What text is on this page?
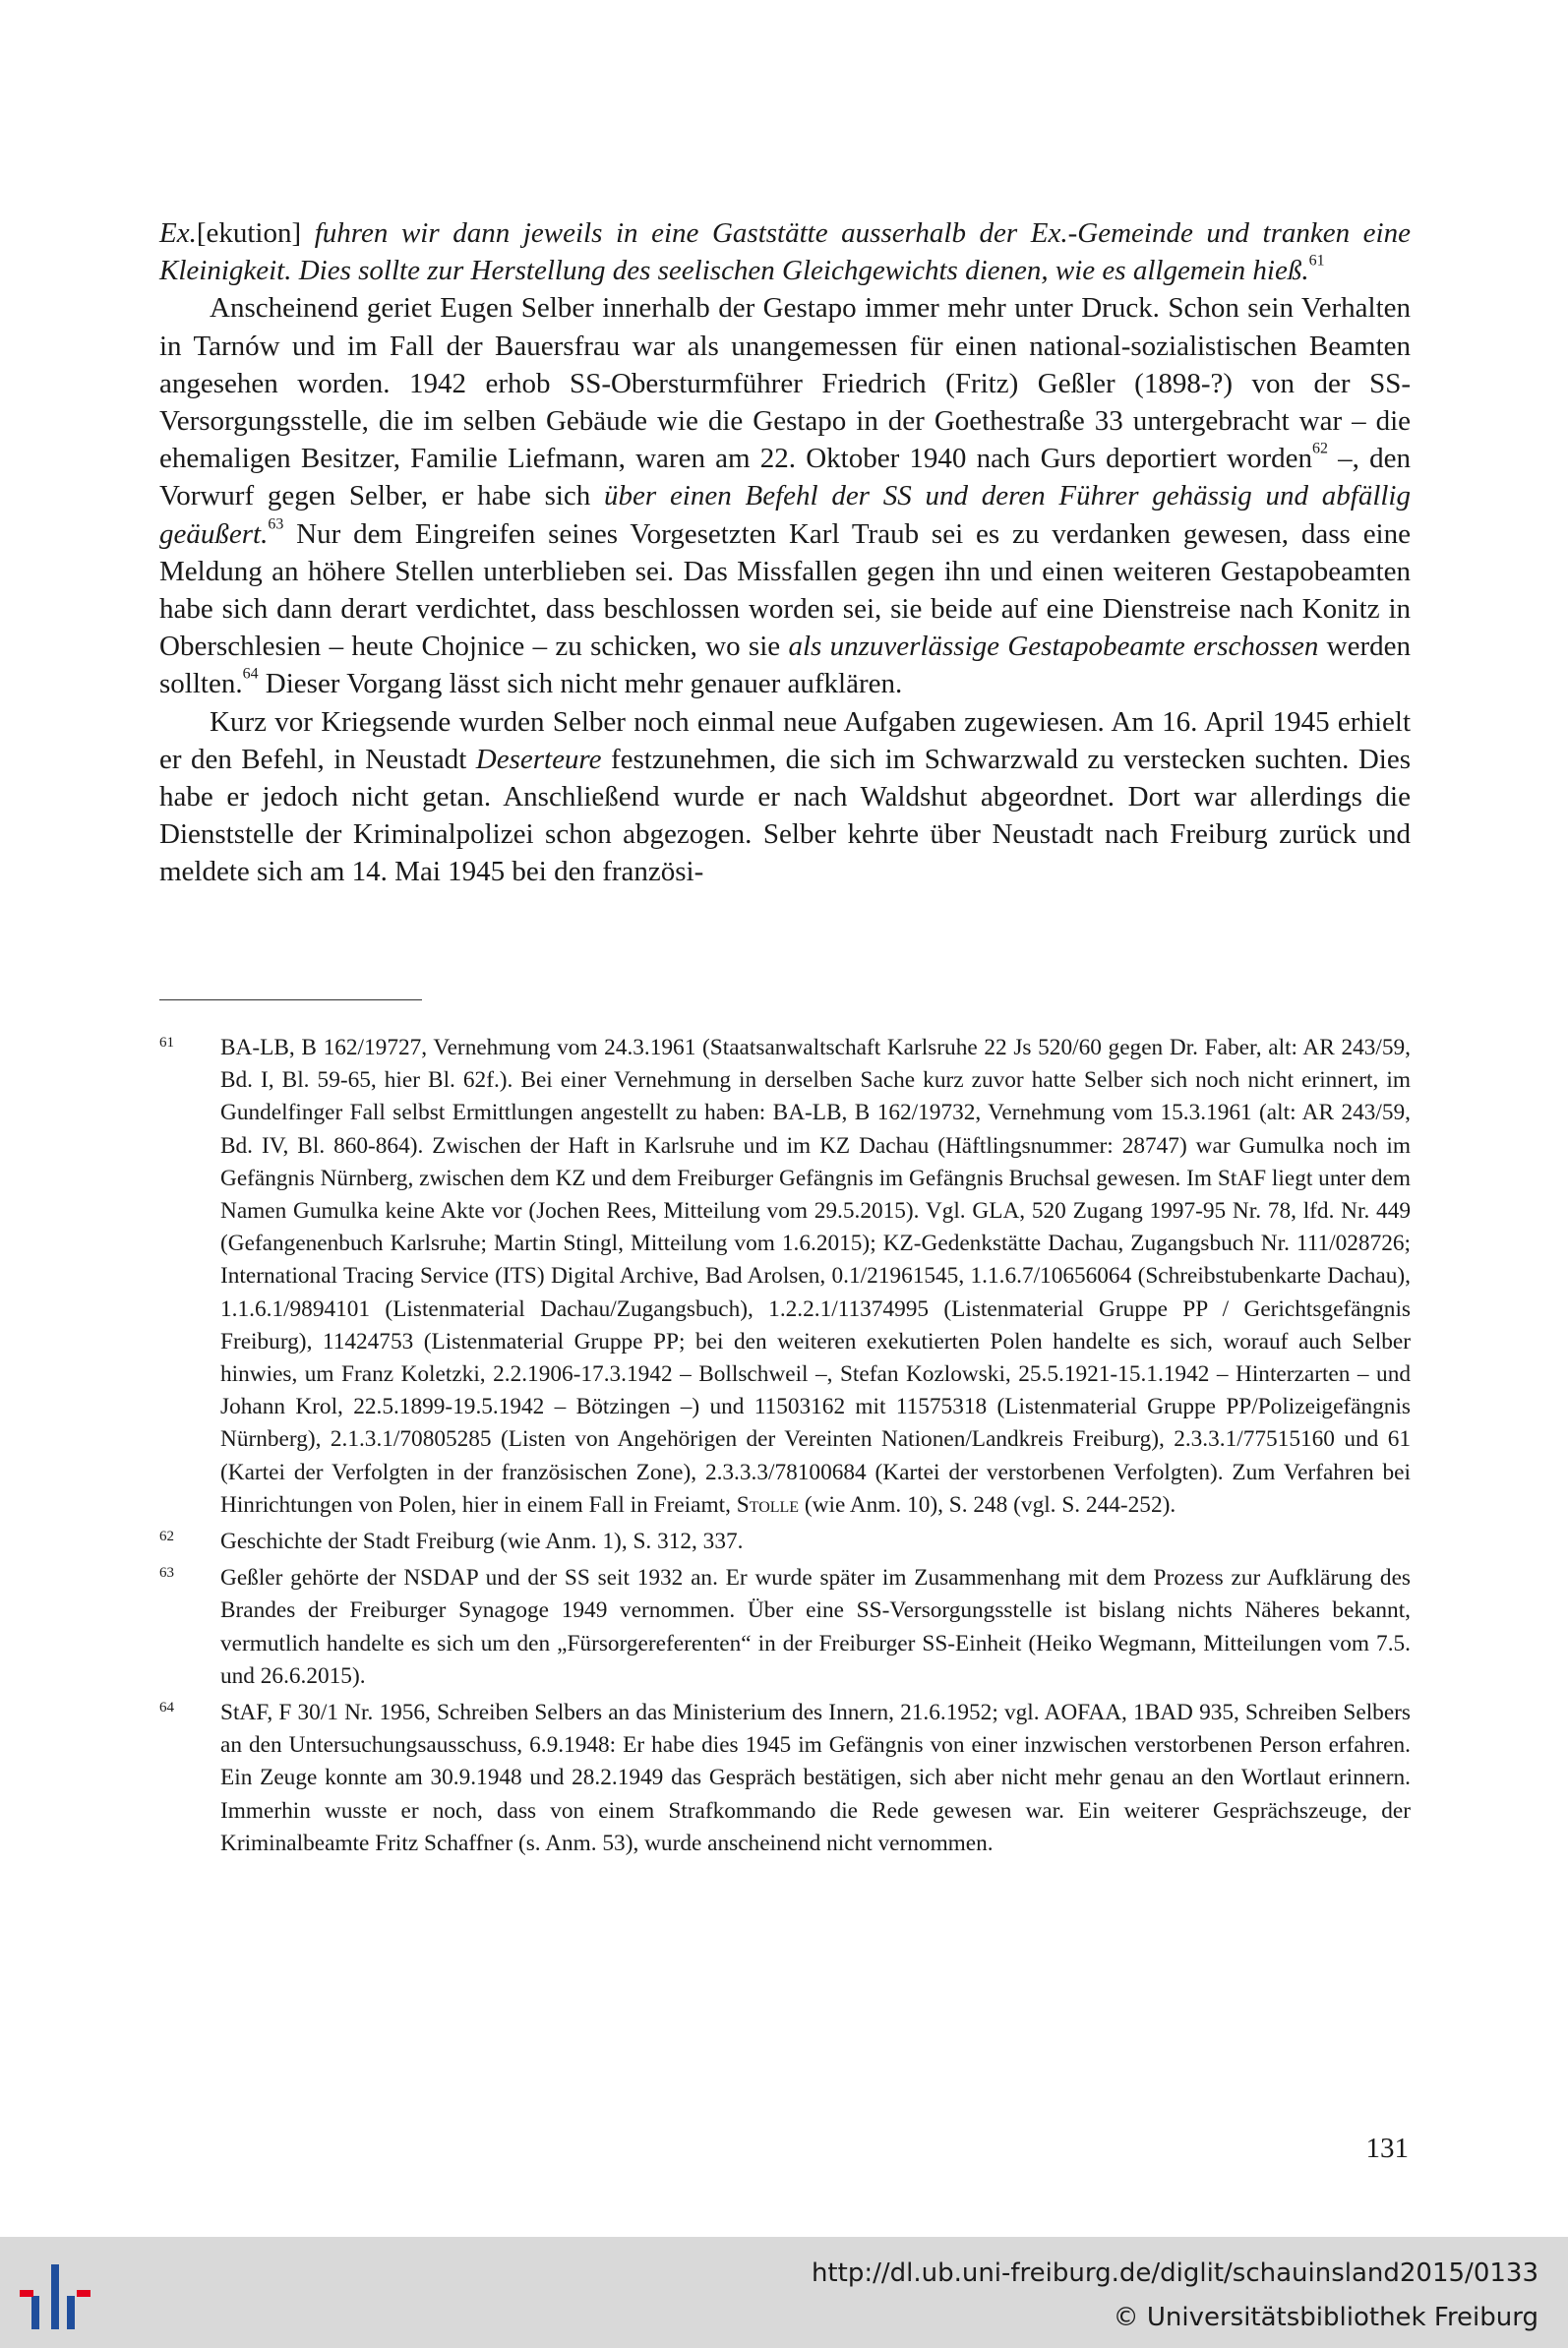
Ex.[ekution] fuhren wir dann jeweils in eine Gaststätte ausserhalb der Ex.-Gemeinde und tranken eine Kleinigkeit. Dies sollte zur Herstellung des seelischen Gleichgewichts dienen, wie es allgemein hieß.$^{61}$

Anscheinend geriet Eugen Selber innerhalb der Gestapo immer mehr unter Druck. Schon sein Verhalten in Tarnów und im Fall der Bauersfrau war als unangemessen für einen national-sozialistischen Beamten angesehen worden. 1942 erhob SS-Obersturmführer Friedrich (Fritz) Geßler (1898-?) von der SS-Versorgungsstelle, die im selben Gebäude wie die Gestapo in der Goethestraße 33 untergebracht war – die ehemaligen Besitzer, Familie Liefmann, waren am 22. Oktober 1940 nach Gurs deportiert worden$^{62}$ –, den Vorwurf gegen Selber, er habe sich über einen Befehl der SS und deren Führer gehässig und abfällig geäußert.$^{63}$ Nur dem Eingreifen seines Vorgesetzten Karl Traub sei es zu verdanken gewesen, dass eine Meldung an höhere Stellen unterblieben sei. Das Missfallen gegen ihn und einen weiteren Gestapobeamten habe sich dann derart verdichtet, dass beschlossen worden sei, sie beide auf eine Dienstreise nach Konitz in Oberschlesien – heute Chojnice – zu schicken, wo sie als unzuverlässige Gestapobeamte erschossen werden sollten.$^{64}$ Dieser Vorgang lässt sich nicht mehr genauer aufklären.

Kurz vor Kriegsende wurden Selber noch einmal neue Aufgaben zugewiesen. Am 16. April 1945 erhielt er den Befehl, in Neustadt Deserteure festzunehmen, die sich im Schwarzwald zu verstecken suchten. Dies habe er jedoch nicht getan. Anschließend wurde er nach Waldshut abgeordnet. Dort war allerdings die Dienststelle der Kriminalpolizei schon abgezogen. Selber kehrte über Neustadt nach Freiburg zurück und meldete sich am 14. Mai 1945 bei den französi-

61	BA-LB, B 162/19727, Vernehmung vom 24.3.1961 (Staatsanwaltschaft Karlsruhe 22 Js 520/60 gegen Dr. Faber, alt: AR 243/59, Bd. I, Bl. 59-65, hier Bl. 62f.). Bei einer Vernehmung in derselben Sache kurz zuvor hatte Selber sich noch nicht erinnert, im Gundelfinger Fall selbst Ermittlungen angestellt zu haben: BA-LB, B 162/19732, Vernehmung vom 15.3.1961 (alt: AR 243/59, Bd. IV, Bl. 860-864). Zwischen der Haft in Karlsruhe und im KZ Dachau (Häftlingsnummer: 28747) war Gumulka noch im Gefängnis Nürnberg, zwischen dem KZ und dem Freiburger Gefängnis im Gefängnis Bruchsal gewesen. Im StAF liegt unter dem Namen Gumulka keine Akte vor (Jochen Rees, Mitteilung vom 29.5.2015). Vgl. GLA, 520 Zugang 1997-95 Nr. 78, lfd. Nr. 449 (Gefangenenbuch Karlsruhe; Martin Stingl, Mitteilung vom 1.6.2015); KZ-Gedenkstätte Dachau, Zugangsbuch Nr. 111/028726; International Tracing Service (ITS) Digital Archive, Bad Arolsen, 0.1/21961545, 1.1.6.7/10656064 (Schreibstubenkarte Dachau), 1.1.6.1/9894101 (Listenmaterial Dachau/Zugangsbuch), 1.2.2.1/11374995 (Listenmaterial Gruppe PP / Gerichtsgefängnis Freiburg), 11424753 (Listenmaterial Gruppe PP; bei den weiteren exekutierten Polen handelte es sich, worauf auch Selber hinwies, um Franz Koletzki, 2.2.1906-17.3.1942 – Bollschweil –, Stefan Kozlowski, 25.5.1921-15.1.1942 – Hinterzarten – und Johann Krol, 22.5.1899-19.5.1942 – Bötzingen –) und 11503162 mit 11575318 (Listenmaterial Gruppe PP/Polizeigefängnis Nürnberg), 2.1.3.1/70805285 (Listen von Angehörigen der Vereinten Nationen/Landkreis Freiburg), 2.3.3.1/77515160 und 61 (Kartei der Verfolgten in der französischen Zone), 2.3.3.3/78100684 (Kartei der verstorbenen Verfolgten). Zum Verfahren bei Hinrichtungen von Polen, hier in einem Fall in Freiamt, Stolle (wie Anm. 10), S. 248 (vgl. S. 244-252).
62	Geschichte der Stadt Freiburg (wie Anm. 1), S. 312, 337.
63	Geßler gehörte der NSDAP und der SS seit 1932 an. Er wurde später im Zusammenhang mit dem Prozess zur Aufklärung des Brandes der Freiburger Synagoge 1949 vernommen. Über eine SS-Versorgungsstelle ist bislang nichts Näheres bekannt, vermutlich handelte es sich um den „Fürsorgereferenten“ in der Freiburger SS-Einheit (Heiko Wegmann, Mitteilungen vom 7.5. und 26.6.2015).
64	StAF, F 30/1 Nr. 1956, Schreiben Selbers an das Ministerium des Innern, 21.6.1952; vgl. AOFAA, 1BAD 935, Schreiben Selbers an den Untersuchungsausschuss, 6.9.1948: Er habe dies 1945 im Gefängnis von einer inzwischen verstorbenen Person erfahren. Ein Zeuge konnte am 30.9.1948 und 28.2.1949 das Gespräch bestätigen, sich aber nicht mehr genau an den Wortlaut erinnern. Immerhin wusste er noch, dass von einem Strafkommando die Rede gewesen war. Ein weiterer Gesprächszeuge, der Kriminalbeamte Fritz Schaffner (s. Anm. 53), wurde anscheinend nicht vernommen.
131
http://dl.ub.uni-freiburg.de/diglit/schauinsland2015/0133
© Universitätsbibliothek Freiburg
